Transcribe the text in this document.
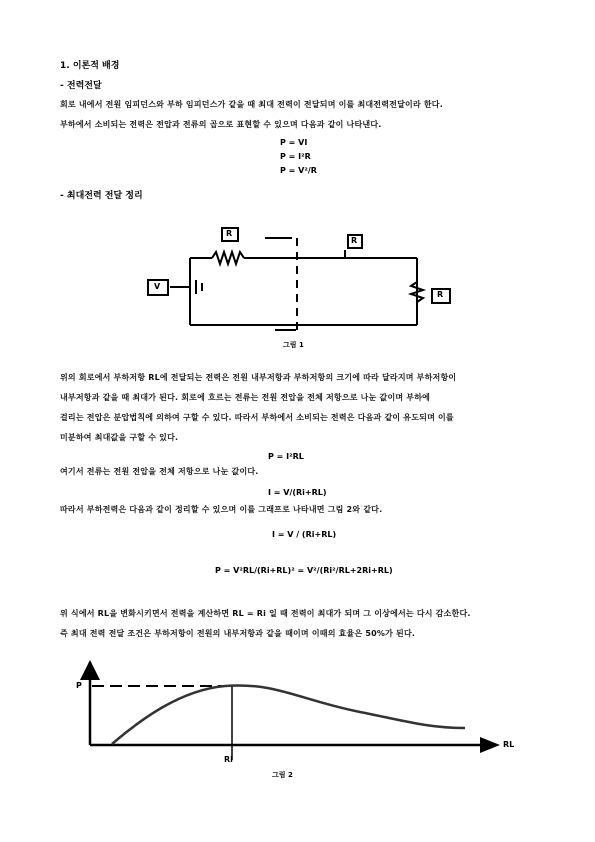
1. 이론적 배경
- 전력전달
회로 내에서 전원 임피던스와 부하 임피던스가 같을 때 최대 전력이 전달되며 이를 최대전력전달이라 한다.
부하에서 소비되는 전력은 전압과 전류의 곱으로 표현할 수 있으며 다음과 같이 나타낸다.
P = VI
P = I²R
P = V²/R
- 최대전력 전달 정리
R
R
V
R
그림 1
위의 회로에서 부하저항 RL에 전달되는 전력은 전원 내부저항과 부하저항의 크기에 따라 달라지며 부하저항이
내부저항과 같을 때 최대가 된다. 회로에 흐르는 전류는 전원 전압을 전체 저항으로 나눈 값이며 부하에
걸리는 전압은 분압법칙에 의하여 구할 수 있다. 따라서 부하에서 소비되는 전력은 다음과 같이 유도되며 이를
미분하여 최대값을 구할 수 있다.
P = I²RL
여기서 전류는 전원 전압을 전체 저항으로 나눈 값이다.
I = V/(Ri+RL)
따라서 부하전력은 다음과 같이 정리할 수 있으며 이를 그래프로 나타내면 그림 2와 같다.
I = V / (Ri+RL)
P = V²RL/(Ri+RL)² = V²/(Ri²/RL+2Ri+RL)
위 식에서 RL을 변화시키면서 전력을 계산하면 RL = Ri 일 때 전력이 최대가 되며 그 이상에서는 다시 감소한다.
즉 최대 전력 전달 조건은 부하저항이 전원의 내부저항과 같을 때이며 이때의 효율은 50%가 된다.
P
RL
Ri
그림 2
